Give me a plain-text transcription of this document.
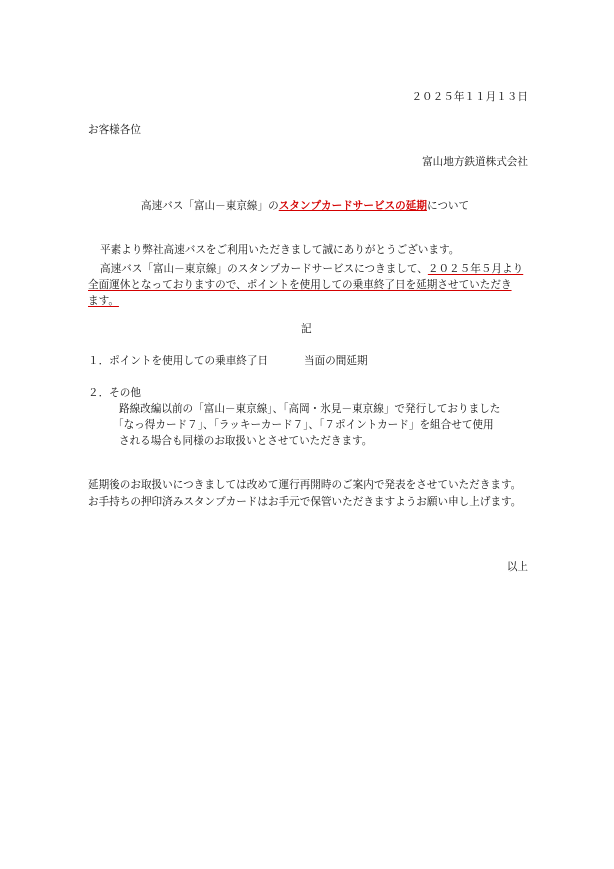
２０２５年１１月１３日
お客様各位
富山地方鉄道株式会社
高速バス「富山－東京線」のスタンプカードサービスの延期について
平素より弊社高速バスをご利用いただきまして誠にありがとうございます。
高速バス「富山－東京線」のスタンプカードサービスにつきまして、２０２５年５月より
全面運休となっておりますので、ポイントを使用しての乗車終了日を延期させていただき
ます。
記
１．ポイントを使用しての乗車終了日	当面の間延期
２．その他
路線改編以前の「富山－東京線」、「高岡・氷見－東京線」で発行しておりました
「なっ得カード７」、「ラッキーカード７」、「７ポイントカード」を組合せて使用
される場合も同様のお取扱いとさせていただきます。
延期後のお取扱いにつきましては改めて運行再開時のご案内で発表をさせていただきます。
お手持ちの押印済みスタンプカードはお手元で保管いただきますようお願い申し上げます。
以上
